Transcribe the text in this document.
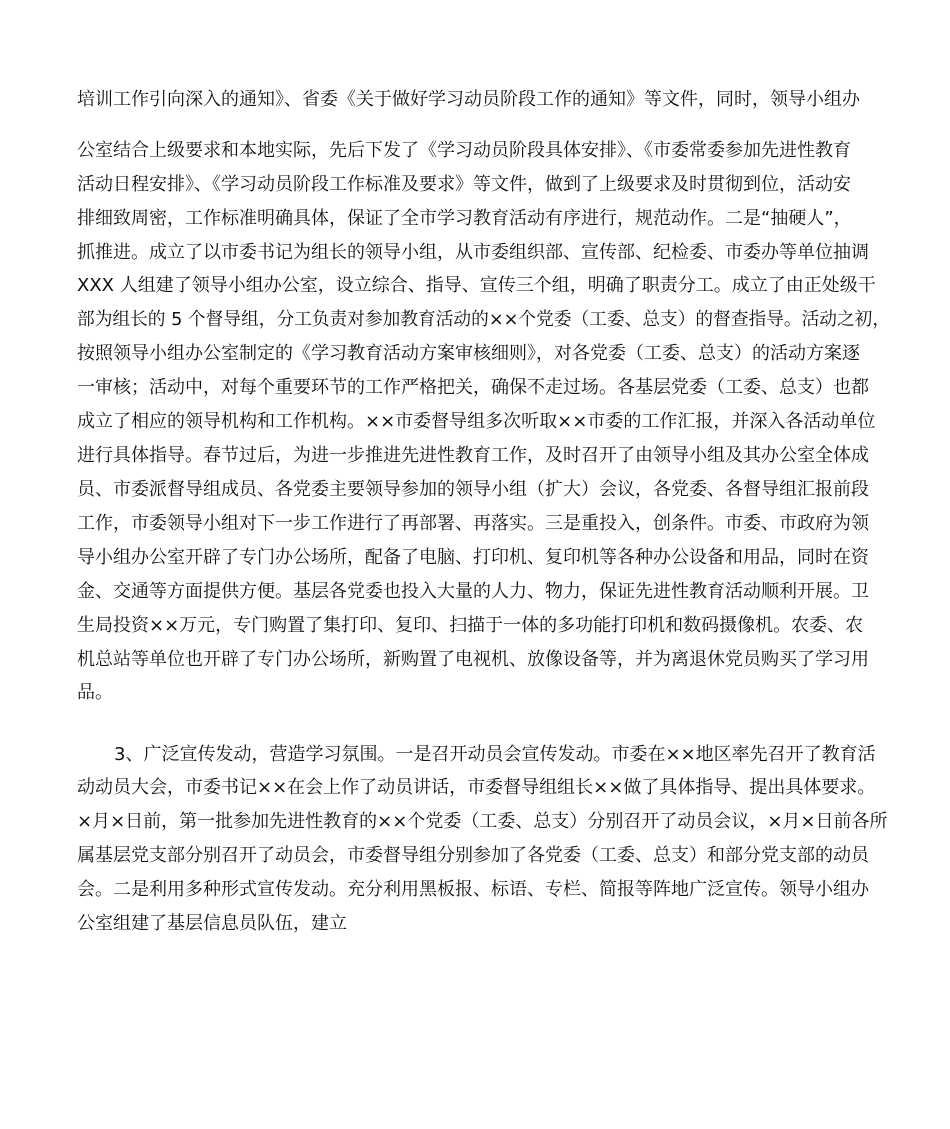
培训工作引向深入的通知》、省委《关于做好学习动员阶段工作的通知》等文件，同时，领导小组办
公室结合上级要求和本地实际，先后下发了《学习动员阶段具体安排》、《市委常委参加先进性教育
活动日程安排》、《学习动员阶段工作标准及要求》等文件，做到了上级要求及时贯彻到位，活动安
排细致周密，工作标准明确具体，保证了全市学习教育活动有序进行，规范动作。二是“抽硬人”，
抓推进。成立了以市委书记为组长的领导小组，从市委组织部、宣传部、纪检委、市委办等单位抽调
XXX 人组建了领导小组办公室，设立综合、指导、宣传三个组，明确了职责分工。成立了由正处级干
部为组长的 5 个督导组，分工负责对参加教育活动的××个党委（工委、总支）的督查指导。活动之初，
按照领导小组办公室制定的《学习教育活动方案审核细则》，对各党委（工委、总支）的活动方案逐
一审核；活动中，对每个重要环节的工作严格把关，确保不走过场。各基层党委（工委、总支）也都
成立了相应的领导机构和工作机构。××市委督导组多次听取××市委的工作汇报，并深入各活动单位
进行具体指导。春节过后，为进一步推进先进性教育工作，及时召开了由领导小组及其办公室全体成
员、市委派督导组成员、各党委主要领导参加的领导小组（扩大）会议，各党委、各督导组汇报前段
工作，市委领导小组对下一步工作进行了再部署、再落实。三是重投入，创条件。市委、市政府为领
导小组办公室开辟了专门办公场所，配备了电脑、打印机、复印机等各种办公设备和用品，同时在资
金、交通等方面提供方便。基层各党委也投入大量的人力、物力，保证先进性教育活动顺利开展。卫
生局投资××万元，专门购置了集打印、复印、扫描于一体的多功能打印机和数码摄像机。农委、农
机总站等单位也开辟了专门办公场所，新购置了电视机、放像设备等，并为离退休党员购买了学习用
品。
3、广泛宣传发动，营造学习氛围。一是召开动员会宣传发动。市委在××地区率先召开了教育活
动动员大会，市委书记××在会上作了动员讲话，市委督导组组长××做了具体指导、提出具体要求。
×月×日前，第一批参加先进性教育的××个党委（工委、总支）分别召开了动员会议，×月×日前各所
属基层党支部分别召开了动员会，市委督导组分别参加了各党委（工委、总支）和部分党支部的动员
会。二是利用多种形式宣传发动。充分利用黑板报、标语、专栏、简报等阵地广泛宣传。领导小组办
公室组建了基层信息员队伍，建立
